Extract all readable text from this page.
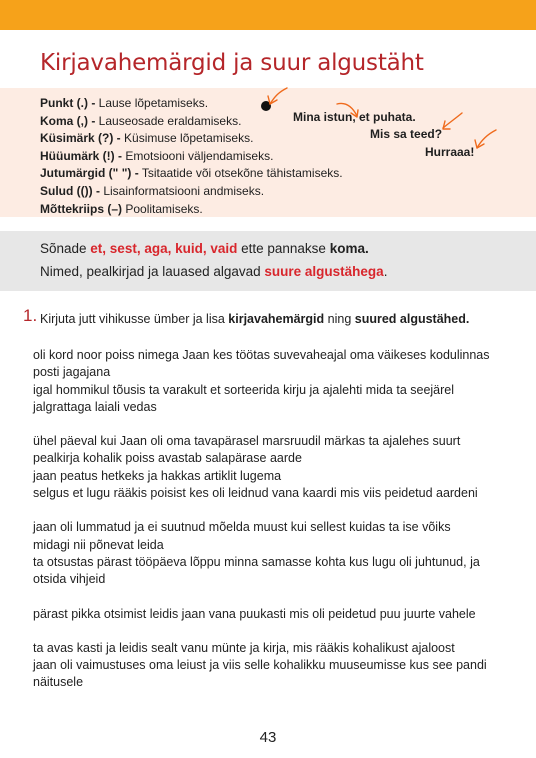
Kirjavahemärgid ja suur algustäht
Punkt (.) - Lause lõpetamiseks.
Koma (,) - Lauseosade eraldamiseks.
Küsimärk (?) - Küsimuse lõpetamiseks.
Hüüumärk (!) - Emotsiooni väljendamiseks.
Jutumärgid (" ") - Tsitaatide või otsekõne tähistamiseks.
Sulud (()) - Lisainformatsiooni andmiseks.
Mõttekriips (–) Poolitamiseks.
Mina istun, et puhata.
Mis sa teed?
Hurraaa!
Sõnade et, sest, aga, kuid, vaid ette pannakse koma.
Nimed, pealkirjad ja lauased algavad suure algustähega.
1. Kirjuta jutt vihikusse ümber ja lisa kirjavahemärgid ning suured algustähed.

oli kord noor poiss nimega Jaan kes töötas suvevaheajal oma väikeses kodulinnas

posti jagajana

igal hommikul tõusis ta varakult et sorteerida kirju ja ajalehti mida ta seejärel

jalgrattaga laiali vedas

ühel päeval kui Jaan oli oma tavapärasel marsruudil märkas ta ajalehes suurt

pealkirja kohalik poiss avastab salapärase aarde

jaan peatus hetkeks ja hakkas artiklit lugema

selgus et lugu rääkis poisist kes oli leidnud vana kaardi mis viis peidetud aardeni

jaan oli lummatud ja ei suutnud mõelda muust kui sellest kuidas ta ise võiks

midagi nii põnevat leida

ta otsustas pärast tööpäeva lõppu minna samasse kohta kus lugu oli juhtunud, ja

otsida vihjeid

pärast pikka otsimist leidis jaan vana puukasti mis oli peidetud puu juurte vahele

ta avas kasti ja leidis sealt vanu münte ja kirja, mis rääkis kohalikust ajaloost

jaan oli vaimustuses oma leiust ja viis selle kohalikku muuseumisse kus see pandi

näitusele

43
